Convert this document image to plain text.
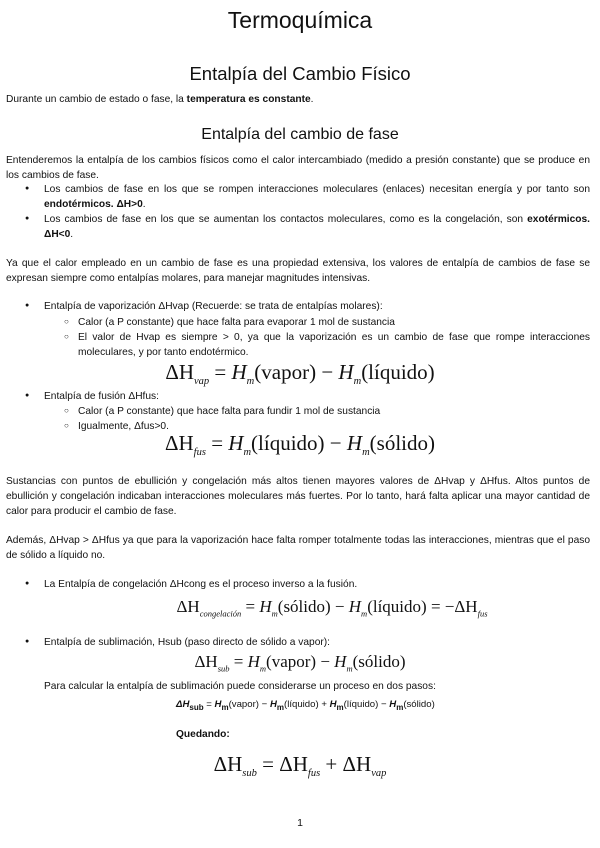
Termoquímica
Entalpía del Cambio Físico
Durante un cambio de estado o fase, la temperatura es constante.
Entalpía del cambio de fase
Entenderemos la entalpía de los cambios físicos como el calor intercambiado (medido a presión constante) que se produce en los cambios de fase.
● Los cambios de fase en los que se rompen interacciones moleculares (enlaces) necesitan energía y por tanto son endotérmicos. ΔH>0.
● Los cambios de fase en los que se aumentan los contactos moleculares, como es la congelación, son exotérmicos. ΔH<0.
Ya que el calor empleado en un cambio de fase es una propiedad extensiva, los valores de entalpía de cambios de fase se expresan siempre como entalpías molares, para manejar magnitudes intensivas.
● Entalpía de vaporización ΔHvap (Recuerde: se trata de entalpías molares):
○ Calor (a P constante) que hace falta para evaporar 1 mol de sustancia
○ El valor de Hvap es siempre > 0, ya que la vaporización es un cambio de fase que rompe interacciones moleculares, y por tanto endotérmico.
$\Delta H_{vap}$ = $H_m(vapor)$ − $H_m(líquido)$
● Entalpía de fusión ΔHfus:
○ Calor (a P constante) que hace falta para fundir 1 mol de sustancia
○ Igualmente, Δfus>0.
$\Delta H_{fus}$ = $H_m(líquido)$ − $H_m(sólido)$
Sustancias con puntos de ebullición y congelación más altos tienen mayores valores de ΔHvap y ΔHfus. Altos puntos de ebullición y congelación indicaban interacciones moleculares más fuertes. Por lo tanto, hará falta aplicar una mayor cantidad de calor para producir el cambio de fase.
Además, ΔHvap > ΔHfus ya que para la vaporización hace falta romper totalmente todas las interacciones, mientras que el paso de sólido a líquido no.
● La Entalpía de congelación ΔHcong es el proceso inverso a la fusión.
$\Delta H_{congelación}$ = $H_m(sólido)$ − $H_m(líquido) = -\Delta H_{fus}$
● Entalpía de sublimación, Hsub (paso directo de sólido a vapor):
$\Delta H_{sub}$ = $H_m(vapor)$ − $H_m(sólido)$
Para calcular la entalpía de sublimación puede considerarse un proceso en dos pasos:
$\Delta H_{sub}$ = $H_m(vapor)$ − $H_m(líquido)$ + $H_m(líquido)$ − $H_m(sólido)$
Quedando:
$\Delta H_{sub} = \Delta H_{fus} + \Delta H_{vap}$
1
